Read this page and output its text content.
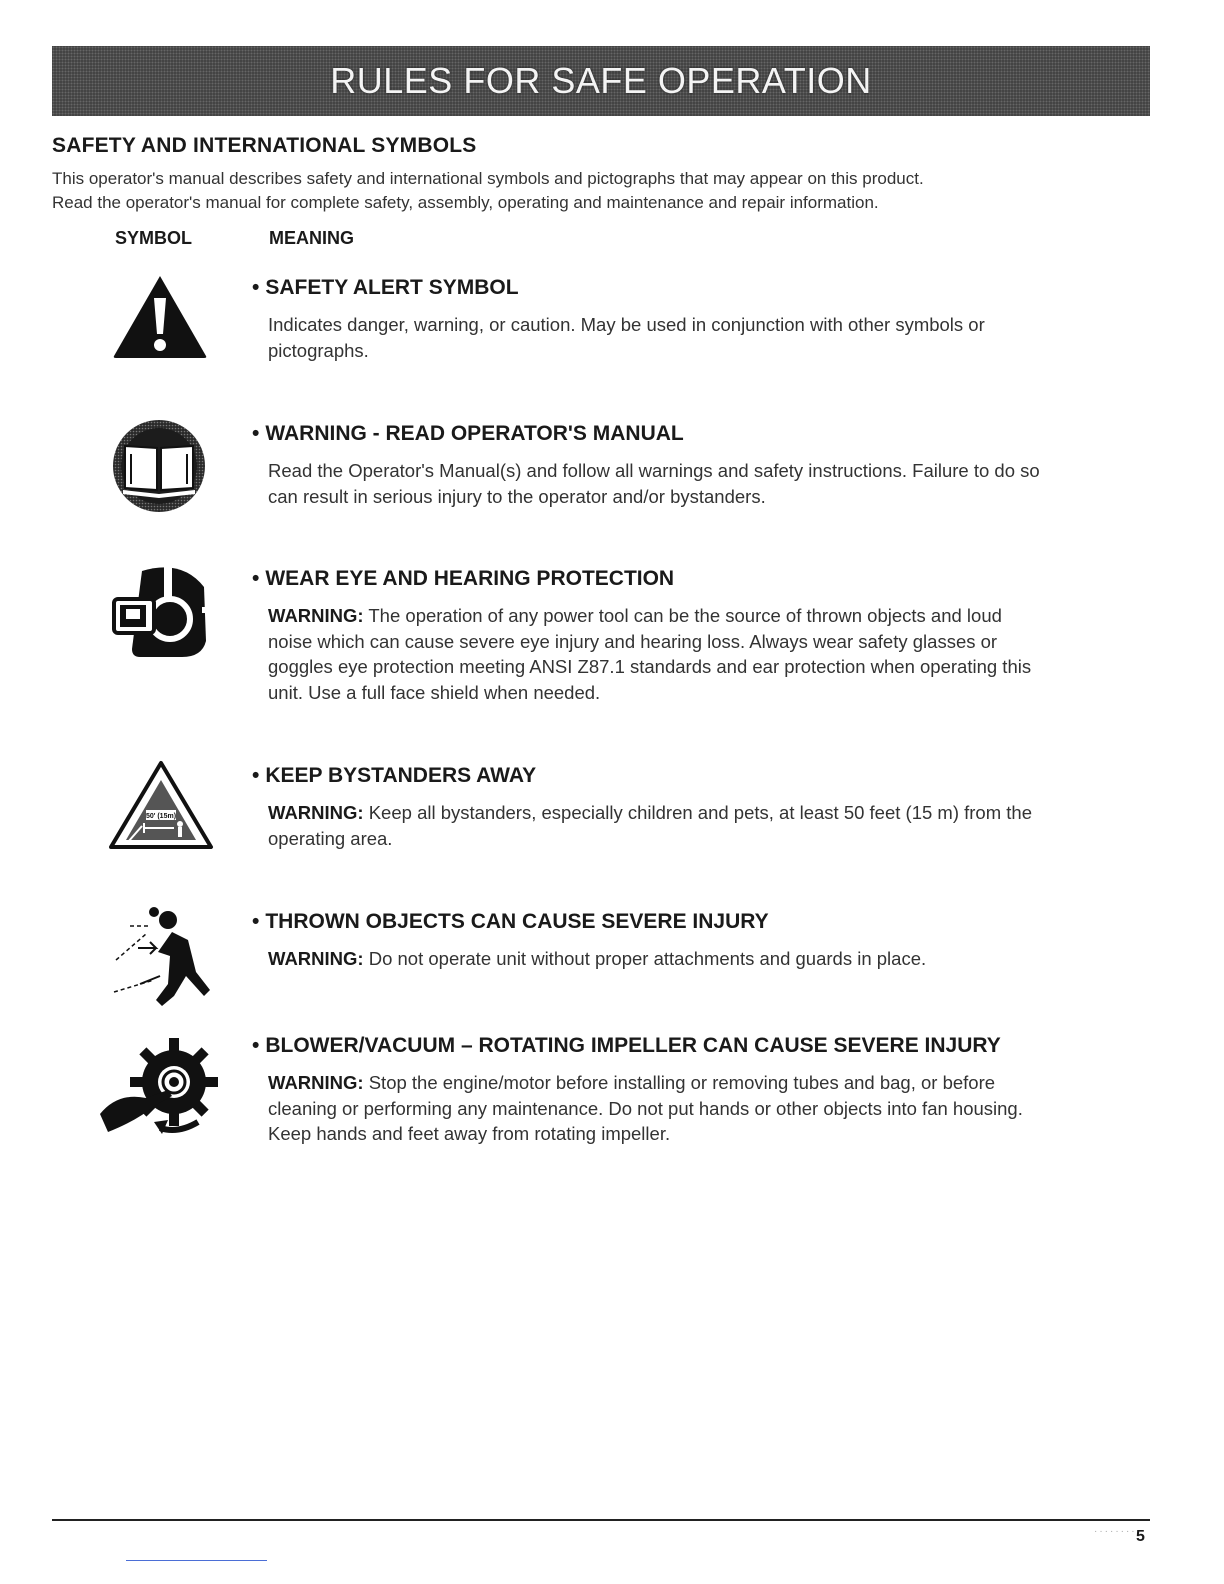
RULES FOR SAFE OPERATION
SAFETY AND INTERNATIONAL SYMBOLS
This operator's manual describes safety and international symbols and pictographs that may appear on this product.
Read the operator's manual for complete safety, assembly, operating and maintenance and repair information.
SYMBOL	MEANING
• SAFETY ALERT SYMBOL
Indicates danger, warning, or caution. May be used in conjunction with other symbols or
pictographs.
• WARNING - READ OPERATOR'S MANUAL
Read the Operator's Manual(s) and follow all warnings and safety instructions. Failure to do so
can result in serious injury to the operator and/or bystanders.
• WEAR EYE AND HEARING PROTECTION
WARNING: The operation of any power tool can be the source of thrown objects and loud
noise which can cause severe eye injury and hearing loss. Always wear safety glasses or
goggles eye protection meeting ANSI Z87.1 standards and ear protection when operating this
unit. Use a full face shield when needed.
50' (15m)
• KEEP BYSTANDERS AWAY
WARNING: Keep all bystanders, especially children and pets, at least 50 feet (15 m) from the
operating area.
• THROWN OBJECTS CAN CAUSE SEVERE INJURY
WARNING: Do not operate unit without proper attachments and guards in place.
• BLOWER/VACUUM – ROTATING IMPELLER CAN CAUSE SEVERE INJURY
WARNING: Stop the engine/motor before installing or removing tubes and bag, or before
cleaning or performing any maintenance. Do not put hands or other objects into fan housing.
Keep hands and feet away from rotating impeller.
········ 5
